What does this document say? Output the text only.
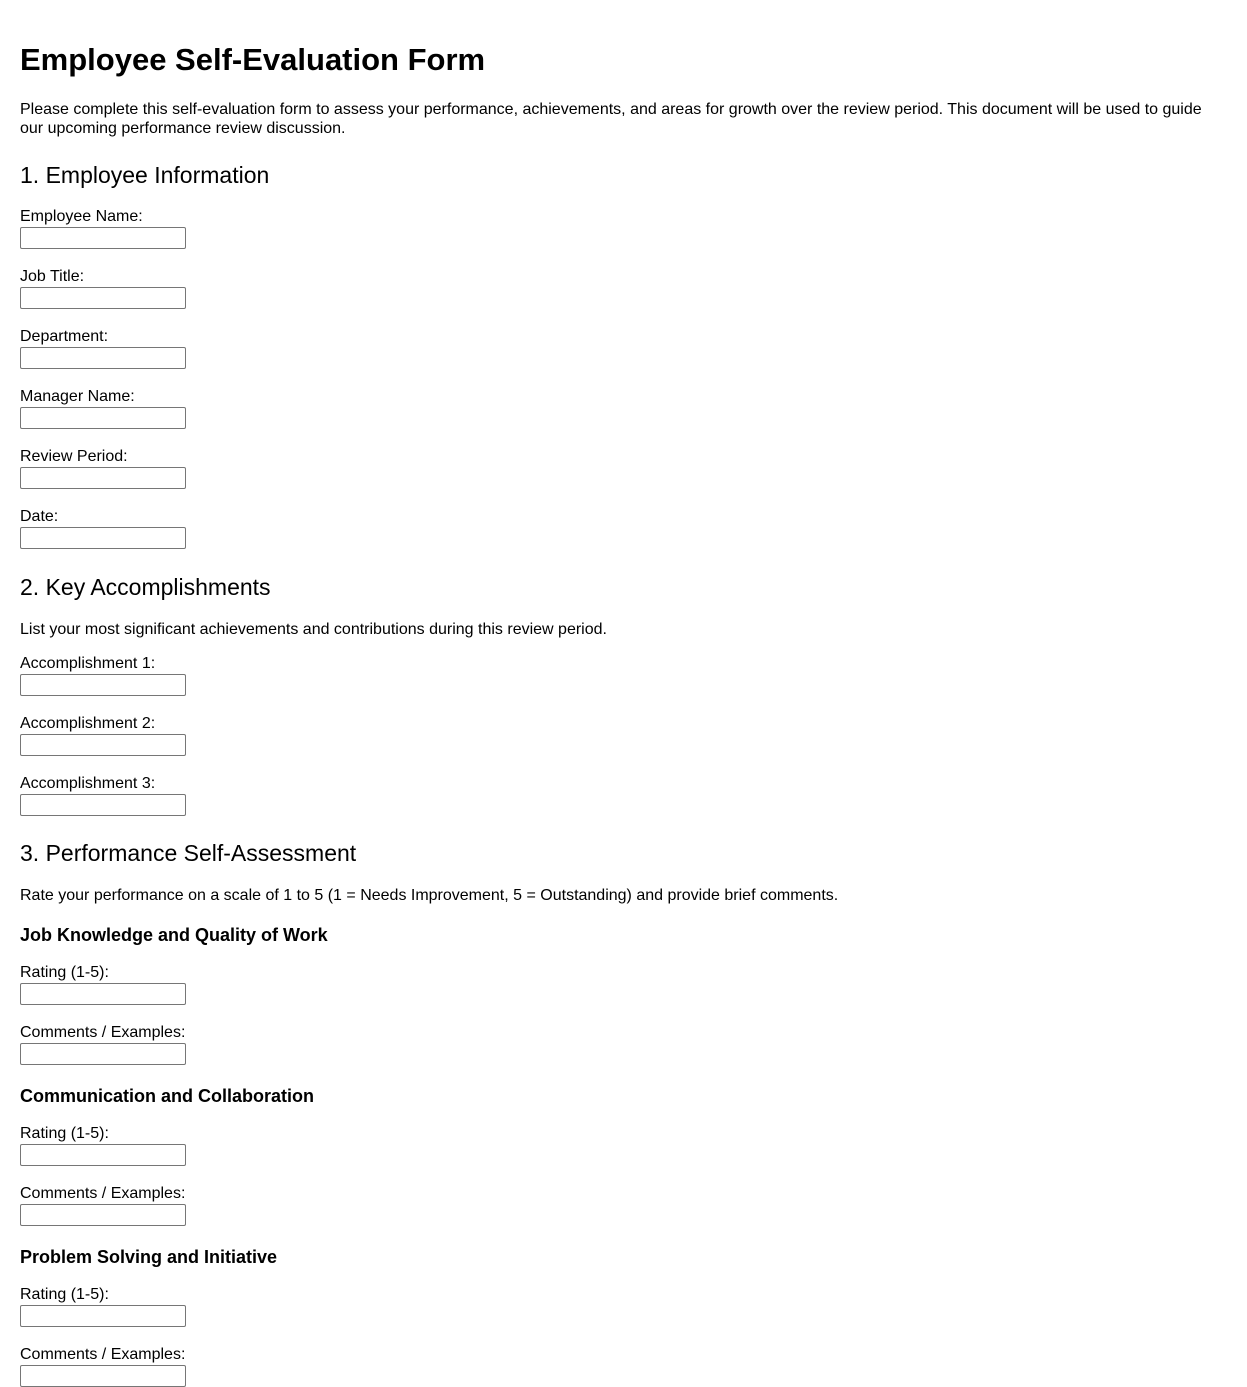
Employee Self-Evaluation Form

Please complete this self-evaluation form to assess your performance, achievements, and areas for growth over the review period. This document will be used to guide our upcoming performance review discussion.

1. Employee Information
Employee Name:
Job Title:
Department:
Manager Name:
Review Period:
Date:
2. Key Accomplishments

List your most significant achievements and contributions during this review period.

Accomplishment 1:
Accomplishment 2:
Accomplishment 3:
3. Performance Self-Assessment

Rate your performance on a scale of 1 to 5 (1 = Needs Improvement, 5 = Outstanding) and provide brief comments.

Job Knowledge and Quality of Work
Rating (1-5):
Comments / Examples:
Communication and Collaboration
Rating (1-5):
Comments / Examples:
Problem Solving and Initiative
Rating (1-5):
Comments / Examples:
